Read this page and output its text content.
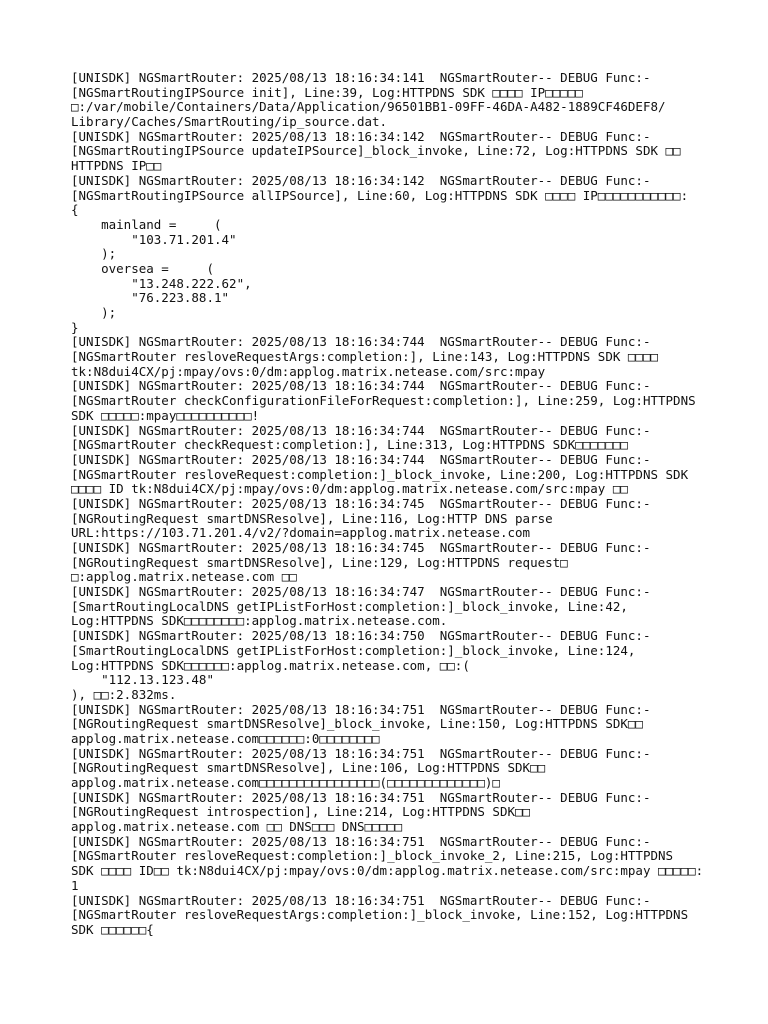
[UNISDK] NGSmartRouter: 2025/08/13 18:16:34:141  NGSmartRouter-- DEBUG Func:-
[NGSmartRoutingIPSource init], Line:39, Log:HTTPDNS SDK □□□□ IP□□□□□
□:/var/mobile/Containers/Data/Application/96501BB1-09FF-46DA-A482-1889CF46DEF8/
Library/Caches/SmartRouting/ip_source.dat.
[UNISDK] NGSmartRouter: 2025/08/13 18:16:34:142  NGSmartRouter-- DEBUG Func:-
[NGSmartRoutingIPSource updateIPSource]_block_invoke, Line:72, Log:HTTPDNS SDK □□
HTTPDNS IP□□
[UNISDK] NGSmartRouter: 2025/08/13 18:16:34:142  NGSmartRouter-- DEBUG Func:-
[NGSmartRoutingIPSource allIPSource], Line:60, Log:HTTPDNS SDK □□□□ IP□□□□□□□□□□□:
{
mainland =     (
"103.71.201.4"
);
oversea =     (
"13.248.222.62",
"76.223.88.1"
);
}
[UNISDK] NGSmartRouter: 2025/08/13 18:16:34:744  NGSmartRouter-- DEBUG Func:-
[NGSmartRouter resloveRequestArgs:completion:], Line:143, Log:HTTPDNS SDK □□□□
tk:N8dui4CX/pj:mpay/ovs:0/dm:applog.matrix.netease.com/src:mpay
[UNISDK] NGSmartRouter: 2025/08/13 18:16:34:744  NGSmartRouter-- DEBUG Func:-
[NGSmartRouter checkConfigurationFileForRequest:completion:], Line:259, Log:HTTPDNS
SDK □□□□□:mpay□□□□□□□□□□!
[UNISDK] NGSmartRouter: 2025/08/13 18:16:34:744  NGSmartRouter-- DEBUG Func:-
[NGSmartRouter checkRequest:completion:], Line:313, Log:HTTPDNS SDK□□□□□□□
[UNISDK] NGSmartRouter: 2025/08/13 18:16:34:744  NGSmartRouter-- DEBUG Func:-
[NGSmartRouter resloveRequest:completion:]_block_invoke, Line:200, Log:HTTPDNS SDK
□□□□ ID tk:N8dui4CX/pj:mpay/ovs:0/dm:applog.matrix.netease.com/src:mpay □□
[UNISDK] NGSmartRouter: 2025/08/13 18:16:34:745  NGSmartRouter-- DEBUG Func:-
[NGRoutingRequest smartDNSResolve], Line:116, Log:HTTP DNS parse
URL:https://103.71.201.4/v2/?domain=applog.matrix.netease.com
[UNISDK] NGSmartRouter: 2025/08/13 18:16:34:745  NGSmartRouter-- DEBUG Func:-
[NGRoutingRequest smartDNSResolve], Line:129, Log:HTTPDNS request□
□:applog.matrix.netease.com □□
[UNISDK] NGSmartRouter: 2025/08/13 18:16:34:747  NGSmartRouter-- DEBUG Func:-
[SmartRoutingLocalDNS getIPListForHost:completion:]_block_invoke, Line:42,
Log:HTTPDNS SDK□□□□□□□□:applog.matrix.netease.com.
[UNISDK] NGSmartRouter: 2025/08/13 18:16:34:750  NGSmartRouter-- DEBUG Func:-
[SmartRoutingLocalDNS getIPListForHost:completion:]_block_invoke, Line:124,
Log:HTTPDNS SDK□□□□□□:applog.matrix.netease.com, □□:(
"112.13.123.48"
), □□:2.832ms.
[UNISDK] NGSmartRouter: 2025/08/13 18:16:34:751  NGSmartRouter-- DEBUG Func:-
[NGRoutingRequest smartDNSResolve]_block_invoke, Line:150, Log:HTTPDNS SDK□□
applog.matrix.netease.com□□□□□□:0□□□□□□□□
[UNISDK] NGSmartRouter: 2025/08/13 18:16:34:751  NGSmartRouter-- DEBUG Func:-
[NGRoutingRequest smartDNSResolve], Line:106, Log:HTTPDNS SDK□□
applog.matrix.netease.com□□□□□□□□□□□□□□□□(□□□□□□□□□□□□□)□
[UNISDK] NGSmartRouter: 2025/08/13 18:16:34:751  NGSmartRouter-- DEBUG Func:-
[NGRoutingRequest introspection], Line:214, Log:HTTPDNS SDK□□
applog.matrix.netease.com □□ DNS□□□ DNS□□□□□
[UNISDK] NGSmartRouter: 2025/08/13 18:16:34:751  NGSmartRouter-- DEBUG Func:-
[NGSmartRouter resloveRequest:completion:]_block_invoke_2, Line:215, Log:HTTPDNS
SDK □□□□ ID□□ tk:N8dui4CX/pj:mpay/ovs:0/dm:applog.matrix.netease.com/src:mpay □□□□□:
1
[UNISDK] NGSmartRouter: 2025/08/13 18:16:34:751  NGSmartRouter-- DEBUG Func:-
[NGSmartRouter resloveRequestArgs:completion:]_block_invoke, Line:152, Log:HTTPDNS
SDK □□□□□□{
